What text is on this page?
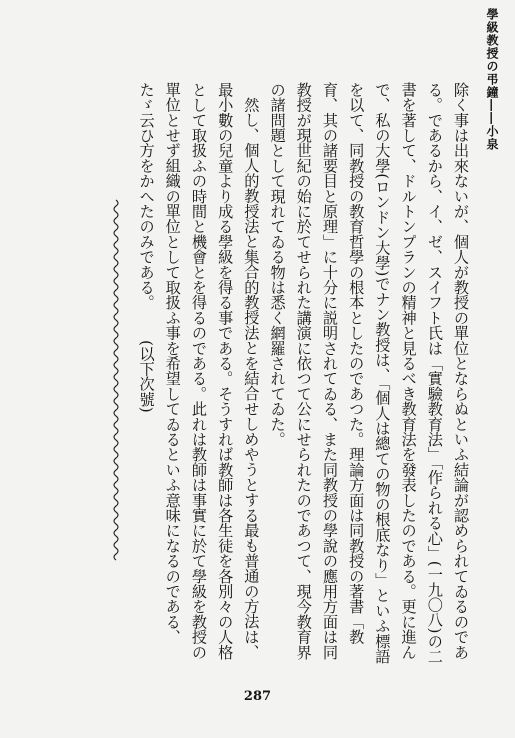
學級教授の弔鐘――小泉

除く事は出來ないが、個人が教授の單位とならぬといふ結論が認められてゐるのである。であるから、イ、ゼ、スイフト氏は「實驗教育法」「作られる心」(一九〇八)の二書を著して、ドルトンプランの精神と見るべき教育法を發表したのである。更に進んで、私の大學(ロンドン大學)でナン教授は、「個人は總ての物の根底なり」といふ標語を以て、同教授の教育哲學の根本としたのであつた。理論方面は同教授の著書「教育、其の諸要目と原理」に十分に説明されてゐる、また同教授の學說の應用方面は同教授が現世紀の始に於てせられた講演に依つて公にせられたのであつて、現今教育界の諸問題として現れてゐる物は悉く網羅されてゐた。

然し、個人的教授法と集合的教授法とを結合せしめやうとする最も普通の方法は、最小數の兒童より成る學級を得る事である。そうすれば教師は各生徒を各別々の人格として取扱ふの時間と機會とを得るのである。此れは教師は事實に於て學級を教授の單位とせず組織の單位として取扱ふ事を希望してゐるといふ意味になるのである、たゞ云ひ方をかへたのみである。(以下次號)

287
